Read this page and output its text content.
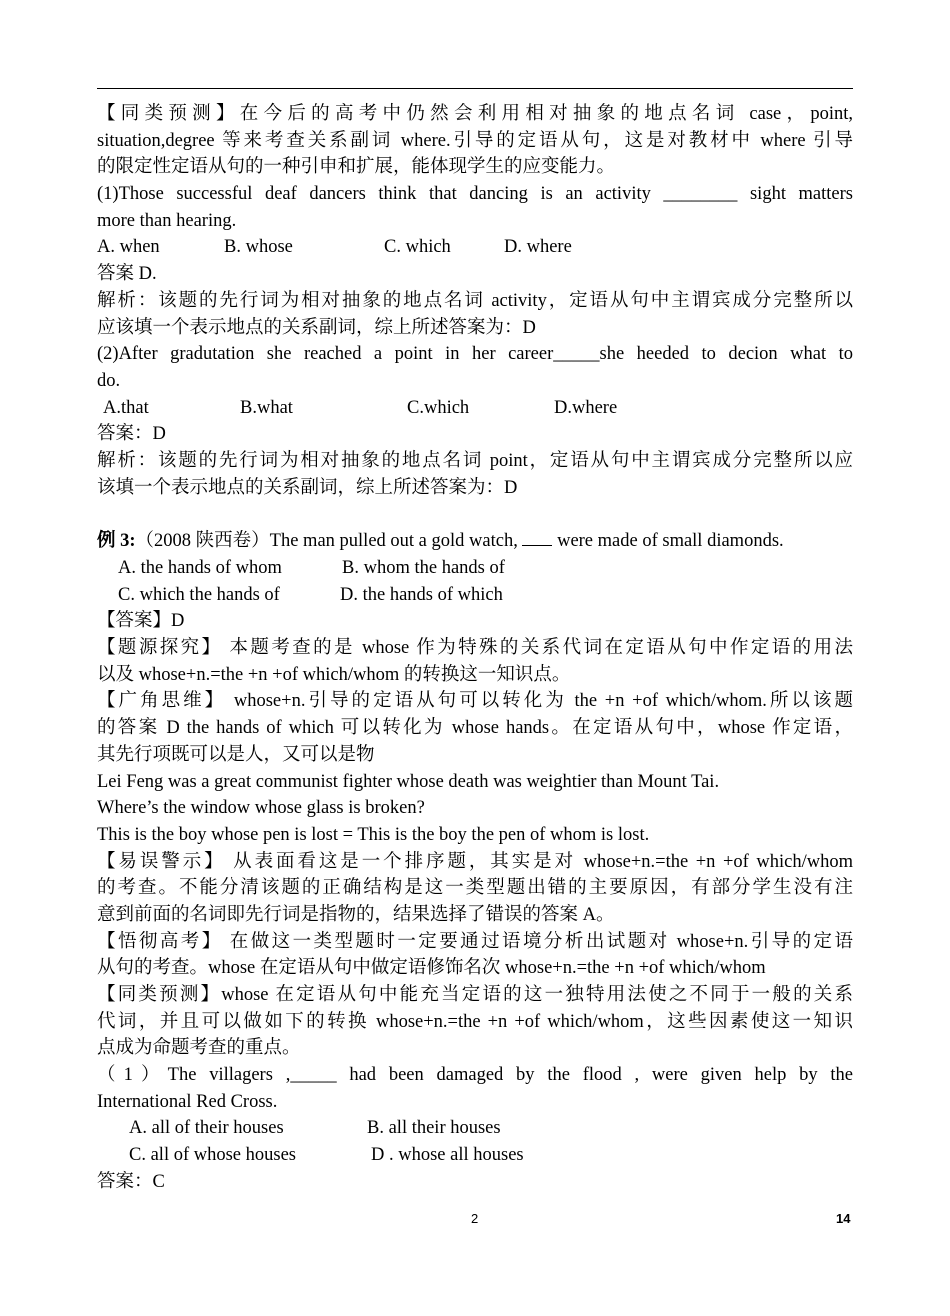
【同类预测】在今后的高考中仍然会利用相对抽象的地点名词 case，point,
situation,degree 等来考查关系副词 where.引导的定语从句，这是对教材中 where 引导
的限定性定语从句的一种引申和扩展，能体现学生的应变能力。
(1)Those successful deaf dancers think that dancing is an activity ________ sight matters
more than hearing.
A. when	B. whose	C. which	D. where
答案 D.
解析：该题的先行词为相对抽象的地点名词 activity，定语从句中主谓宾成分完整所以
应该填一个表示地点的关系副词，综上所述答案为：D
(2)After gradutation she reached a point in her career_____she heeded to decion what to
do.
A.that	B.what	C.which	D.where
答案：D
解析：该题的先行词为相对抽象的地点名词 point，定语从句中主谓宾成分完整所以应
该填一个表示地点的关系副词，综上所述答案为：D
例 3:（2008 陕西卷）The man pulled out a gold watch,  were made of small diamonds.
A. the hands of whom	B. whom the hands of
C. which the hands of	D. the hands of which
【答案】D
【题源探究】 本题考查的是 whose 作为特殊的关系代词在定语从句中作定语的用法
以及 whose+n.=the +n +of which/whom 的转换这一知识点。
【广角思维】 whose+n.引导的定语从句可以转化为 the +n +of which/whom.所以该题
的答案 D the hands of which 可以转化为 whose hands。在定语从句中，whose 作定语，
其先行项既可以是人，又可以是物
Lei Feng was a great communist fighter whose death was weightier than Mount Tai.
Where’s the window whose glass is broken?
This is the boy whose pen is lost = This is the boy the pen of whom is lost.
【易误警示】 从表面看这是一个排序题，其实是对 whose+n.=the +n +of which/whom
的考查。不能分清该题的正确结构是这一类型题出错的主要原因，有部分学生没有注
意到前面的名词即先行词是指物的，结果选择了错误的答案 A。
【悟彻高考】 在做这一类型题时一定要通过语境分析出试题对 whose+n.引导的定语
从句的考查。whose 在定语从句中做定语修饰名次 whose+n.=the +n +of which/whom
【同类预测】whose 在定语从句中能充当定语的这一独特用法使之不同于一般的关系
代词，并且可以做如下的转换 whose+n.=the +n +of which/whom，这些因素使这一知识
点成为命题考查的重点。
（1）The villagers ,_____ had been damaged by the flood , were given help by the
International Red Cross.
A. all of their houses	B. all their houses
C. all of whose houses	D . whose all houses
答案：C
2	14
